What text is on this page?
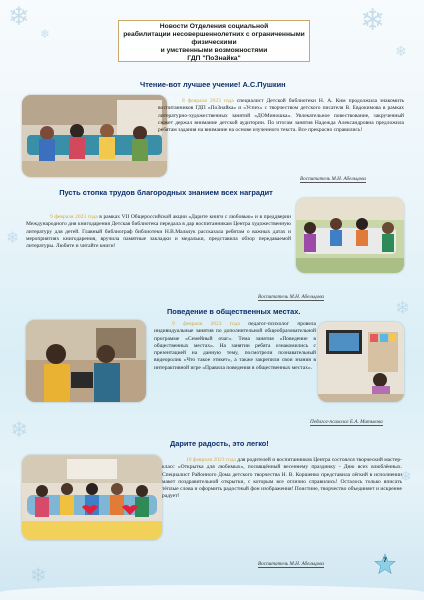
❄
❄	❄
❄
❄
❄
❄
❄
❄
Новости Отделения социальной
реабилитации несовершеннолетних с ограниченными физическими
и умственными возможностями
ГДП "ПоЗнайка"
Чтение-вот лучшее учение! А.С.Пушкин
8 февраля 2023 года специалист Детской библиотеки Н. А. Ким продолжила знакомить воспитанников ГДП «ПоЗнайка» и «Успех» с творчеством детского писателя В. Евдокимова в рамках литературно-художественных занятий «ДОМиношка». Увлекательное повествование, закрученный сюжет держал внимание детской аудитории. По итогам занятия Надежда Александровна предложила ребятам задания на внимание на основе изученного текста. Все прекрасно справились!
Воспитатель М.Н. Абельцова
Пусть стопка трудов благородных знанием всех наградит
9 февраля 2023 года в рамках VII Общероссийской акции «Дарите книги с любовью» и в преддверии Международного дня книгодарения Детская библиотека передала в дар воспитанникам Центра художественную литературу для детей. Главный библиограф библиотеки Н.В.Мальчук рассказала ребятам о важных датах и мероприятиях книгодарения, вручила памятные закладки и медальки, представила обзор передаваемой литературы. Любите и читайте книги!
Воспитатель М.Н. Абельцова
Поведение в общественных местах.
9 февраля 2023 года педагог-психолог провела индивидуальные занятия по дополнительной общеобразовательной программе «Семейный очаг». Тема занятия «Поведение в общественных местах». На занятии ребята ознакомились с презентацией на данную тему, посмотрели познавательный видеоролик «Что такое этикет», а также закрепили свои знания в интерактивной игре «Правила поведения в общественных местах».
Педагог-психолог Е.А. Митькова
Дарите радость, это легко!
10 февраля 2023 года для родителей и воспитанников Центра состоялся творческий мастер-класс «Открытка для любимых», посвящённый весеннему празднику - Дню всех влюблённых. Специалист Районного Дома детского творчества Н. В. Коршенко представила лёгкий в исполнении макет поздравительной открытки, с которым все отлично справились! Осталось только вписать тёплые слова и оформить радостный фон изображения! Поистине, творчество объединяет и искренне радует!
Воспитатель М.Н. Абельцова	7
